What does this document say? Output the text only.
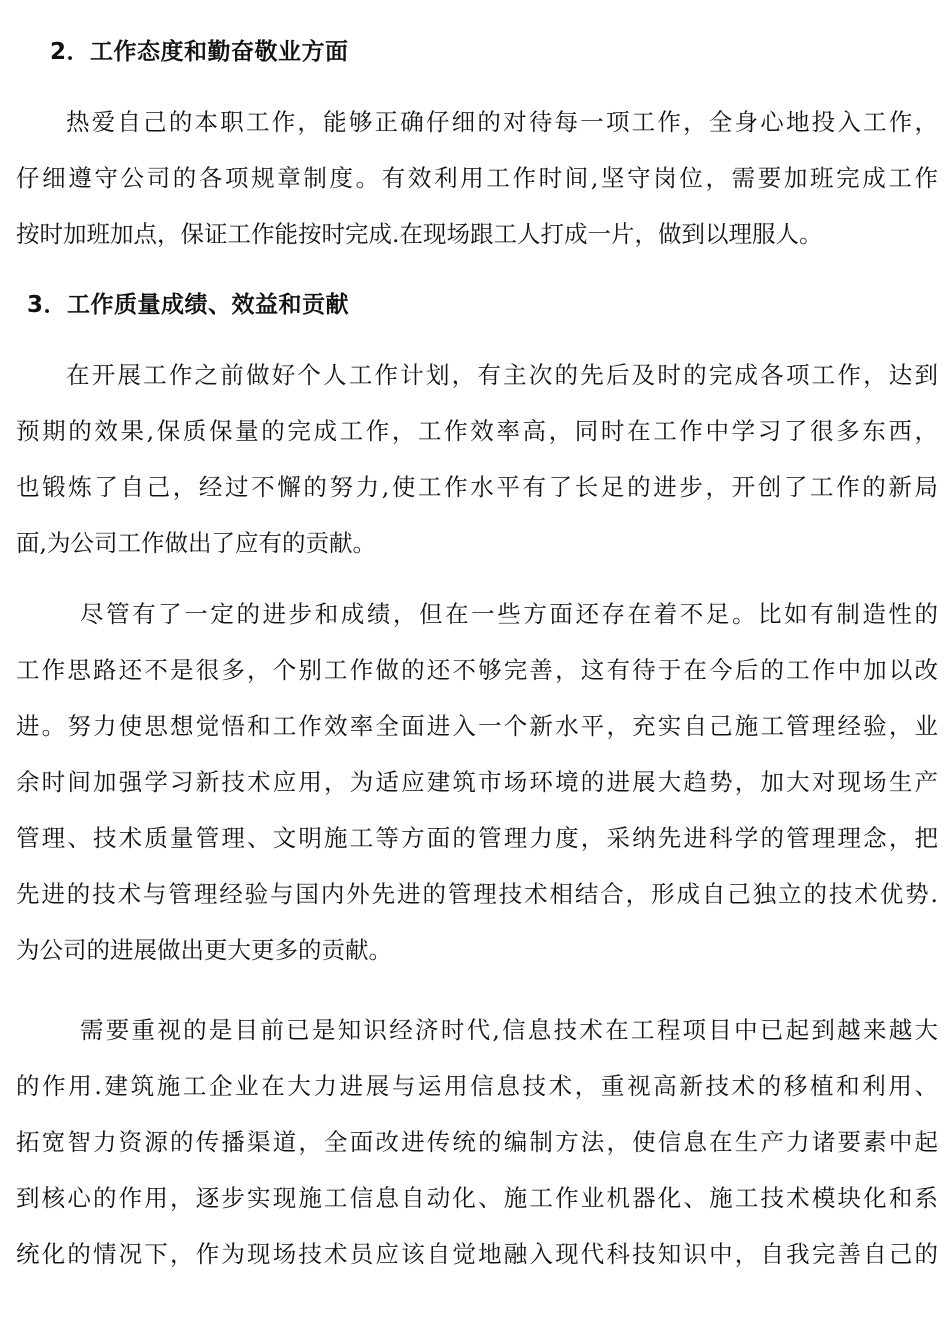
2．工作态度和勤奋敬业方面
热爱自己的本职工作，能够正确仔细的对待每一项工作，全身心地投入工作，
仔细遵守公司的各项规章制度。有效利用工作时间,坚守岗位，需要加班完成工作
按时加班加点，保证工作能按时完成.在现场跟工人打成一片，做到以理服人。
3．工作质量成绩、效益和贡献
在开展工作之前做好个人工作计划，有主次的先后及时的完成各项工作，达到
预期的效果,保质保量的完成工作，工作效率高，同时在工作中学习了很多东西，
也锻炼了自己，经过不懈的努力,使工作水平有了长足的进步，开创了工作的新局
面,为公司工作做出了应有的贡献。
尽管有了一定的进步和成绩，但在一些方面还存在着不足。比如有制造性的
工作思路还不是很多，个别工作做的还不够完善，这有待于在今后的工作中加以改
进。努力使思想觉悟和工作效率全面进入一个新水平，充实自己施工管理经验，业
余时间加强学习新技术应用，为适应建筑市场环境的进展大趋势，加大对现场生产
管理、技术质量管理、文明施工等方面的管理力度，采纳先进科学的管理理念，把
先进的技术与管理经验与国内外先进的管理技术相结合，形成自己独立的技术优势.
为公司的进展做出更大更多的贡献。
需要重视的是目前已是知识经济时代,信息技术在工程项目中已起到越来越大
的作用.建筑施工企业在大力进展与运用信息技术，重视高新技术的移植和利用、
拓宽智力资源的传播渠道，全面改进传统的编制方法，使信息在生产力诸要素中起
到核心的作用，逐步实现施工信息自动化、施工作业机器化、施工技术模块化和系
统化的情况下，作为现场技术员应该自觉地融入现代科技知识中，自我完善自己的
